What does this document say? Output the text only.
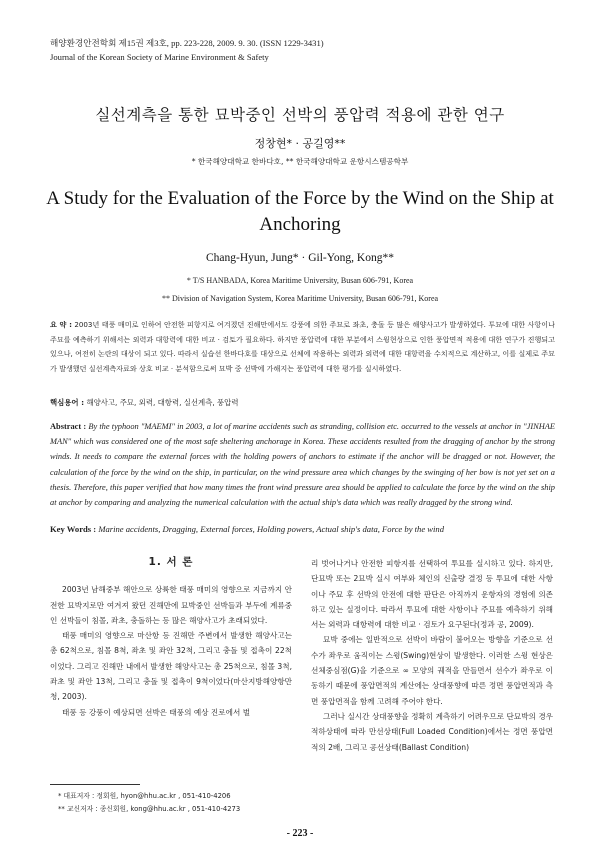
해양환경안전학회 제15권 제3호, pp. 223-228, 2009. 9. 30. (ISSN 1229-3431)
Journal of the Korean Society of Marine Environment & Safety
실선계측을 통한 묘박중인 선박의 풍압력 적용에 관한 연구
정창현* · 공길영**
* 한국해양대학교 한바다호, ** 한국해양대학교 운항시스템공학부
A Study for the Evaluation of the Force by the Wind on the Ship at Anchoring
Chang-Hyun, Jung* · Gil-Yong, Kong**
* T/S HANBADA, Korea Maritime University, Busan 606-791, Korea
** Division of Navigation System, Korea Maritime University, Busan 606-791, Korea
요 약 : 2003년 태풍 매미로 인하여 안전한 피항지로 여겨졌던 진해만에서도 강풍에 의한 주묘로 좌초, 충돌 등 많은 해양사고가 발생하였다. 투묘에 대한 사항이나 주묘를 예측하기 위해서는 외력과 대항력에 대한 비교 · 검토가 필요하다. 하지만 풍압력에 대한 부분에서 스윙현상으로 인한 풍압면적 적용에 대한 연구가 진행되고 있으나, 여전히 논란의 대상이 되고 있다. 따라서 실습선 한바다호를 대상으로 선체에 작용하는 외력과 외력에 대한 대항력을 수치적으로 계산하고, 이를 실제로 주묘가 발생했던 실선계측자료와 상호 비교 · 분석함으로써 묘박 중 선박에 가해지는 풍압력에 대한 평가를 실시하였다.
핵심용어 : 해양사고, 주묘, 외력, 대항력, 실선계측, 풍압력
Abstract : By the typhoon "MAEMI" in 2003, a lot of marine accidents such as stranding, collision etc. occurred to the vessels at anchor in "JINHAE MAN" which was considered one of the most safe sheltering anchorage in Korea. These accidents resulted from the dragging of anchor by the strong winds. It needs to compare the external forces with the holding powers of anchors to estimate if the anchor will be dragged or not. However, the calculation of the force by the wind on the ship, in particular, on the wind pressure area which changes by the swinging of her bow is not yet set on a thesis. Therefore, this paper verified that how many times the front wind pressure area should be applied to calculate the force by the wind on the ship at anchor by comparing and analyzing the numerical calculation with the actual ship's data which was really dragged by the strong wind.
Key Words : Marine accidents, Dragging, External forces, Holding powers, Actual ship's data, Force by the wind
1. 서 론

2003년 남해중부 해안으로 상륙한 태풍 매미의 영향으로 지금까지 안전한 묘박지로만 여겨져 왔던 진해만에 묘박중인 선박들과 부두에 계류중인 선박들이 침몰, 좌초, 충돌하는 등 많은 해양사고가 초래되었다.

태풍 매미의 영향으로 마산항 등 진해만 주변에서 발생한 해양사고는 총 62척으로, 침몰 8척, 좌초 및 좌안 32척, 그리고 충돌 및 접촉이 22척이었다. 그리고 진해만 내에서 발생한 해양사고는 총 25척으로, 침몰 3척, 좌초 및 좌안 13척, 그리고 충돌 및 접촉이 9척이었다(마산지방해양항만청, 2003).

태풍 등 강풍이 예상되면 선박은 태풍의 예상 진로에서 벌

리 벗어나거나 안전한 피항지를 선택하여 투묘를 실시하고 있다. 하지만, 단묘박 또는 2묘박 실시 여부와 체인의 신출량 결정 등 투묘에 대한 사항이나 주묘 후 선박의 안전에 대한 판단은 아직까지 운항자의 경험에 의존하고 있는 실정이다. 따라서 투묘에 대한 사항이나 주묘를 예측하기 위해서는 외력과 대항력에 대한 비교 · 검토가 요구된다(정과 공, 2009).

묘박 중에는 일반적으로 선박이 바람이 불어오는 방향을 기준으로 선수가 좌우로 움직이는 스윙(Swing)현상이 발생한다. 이러한 스윙 현상은 선체중심점(G)을 기준으로 ∞ 모양의 궤적을 만들면서 선수가 좌우로 이동하기 때문에 풍압면적의 계산에는 상대풍향에 따른 정면 풍압면적과 측면 풍압면적을 함께 고려해 주어야 한다.

그러나 실시간 상대풍향을 정확히 계측하기 어려우므로 단묘박의 경우 적하상태에 따라 만선상태(Full Loaded Condition)에서는 정면 풍압면적의 2배, 그리고 공선상태(Ballast Condition)

* 대표저자 : 정회원, hyon@hhu.ac.kr , 051-410-4206
** 교신저자 : 종신회원, kong@hhu.ac.kr , 051-410-4273
- 223 -
